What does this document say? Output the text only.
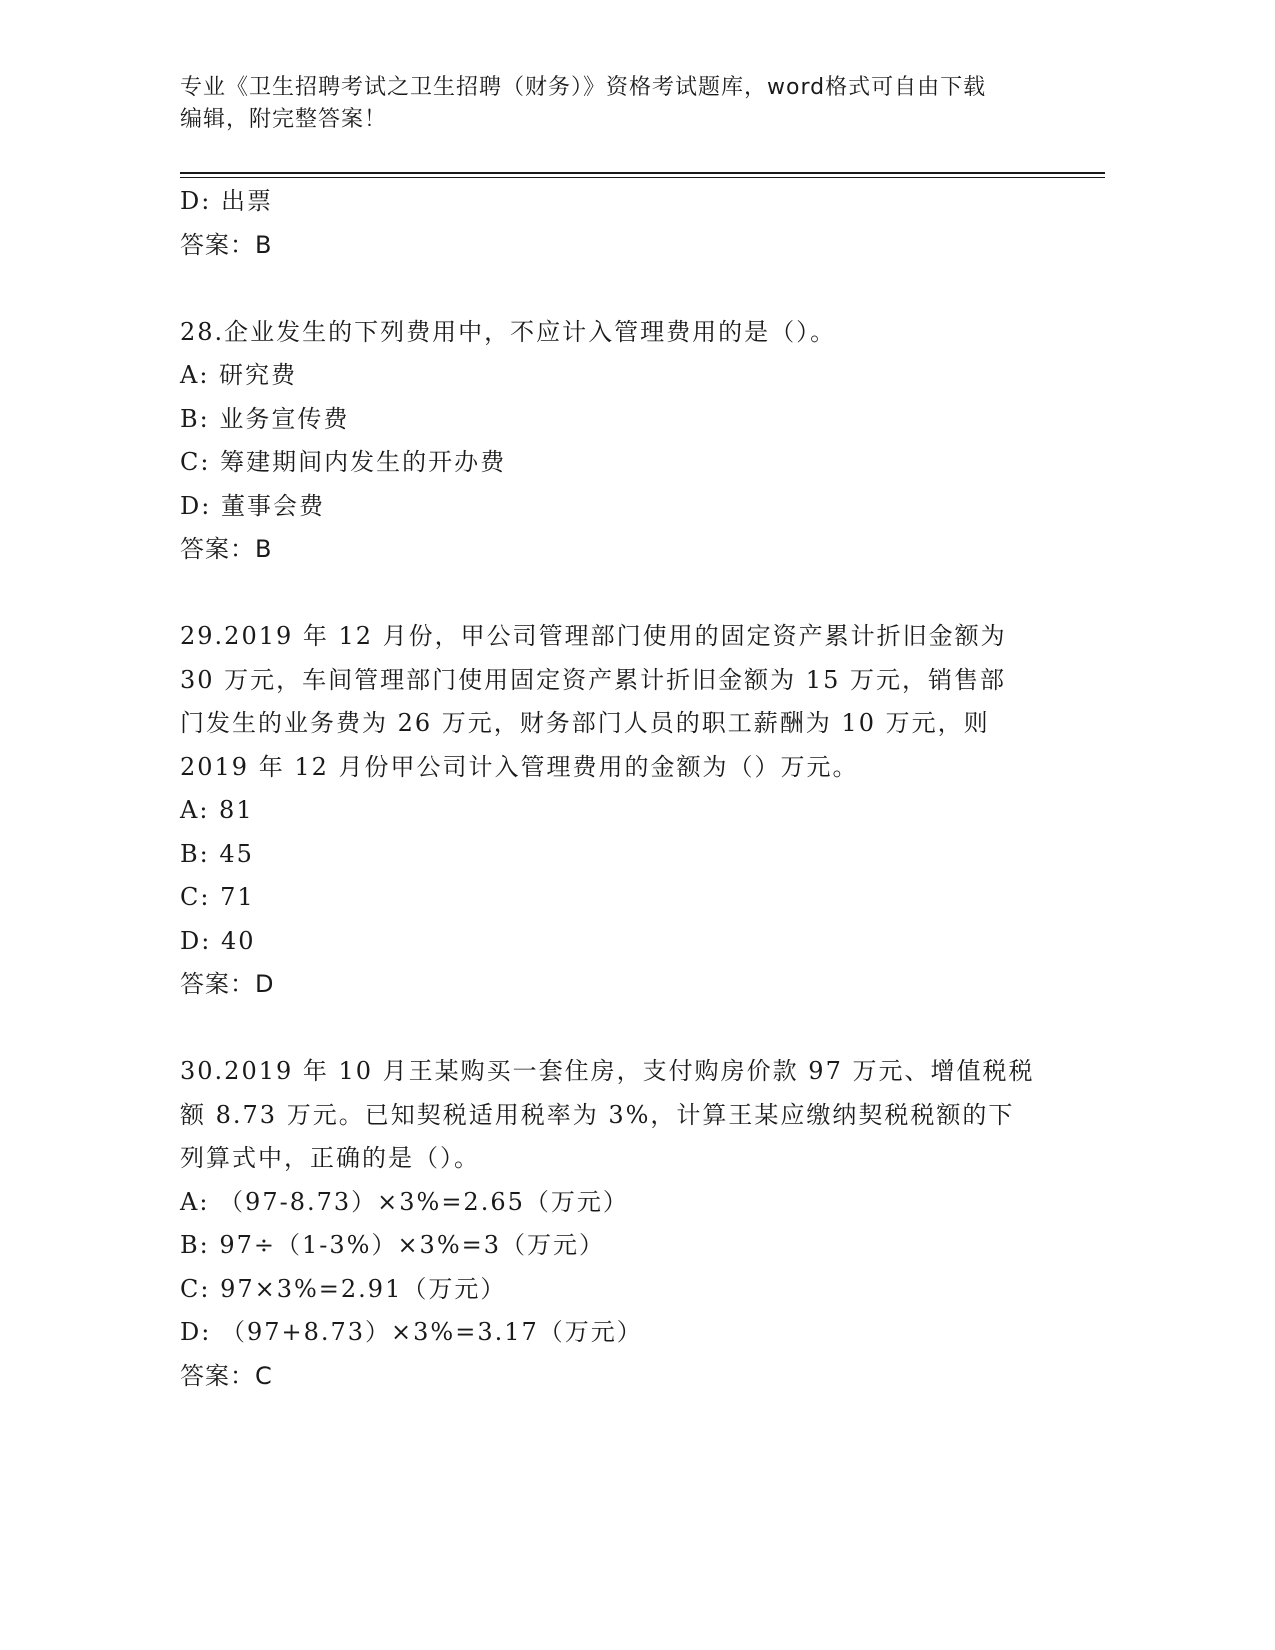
专业《卫生招聘考试之卫生招聘（财务）》资格考试题库，word格式可自由下载
编辑，附完整答案！
D: 出票
答案：B
28.企业发生的下列费用中，不应计入管理费用的是（）。
A: 研究费
B: 业务宣传费
C: 筹建期间内发生的开办费
D: 董事会费
答案：B
29.2019 年 12 月份，甲公司管理部门使用的固定资产累计折旧金额为
30 万元，车间管理部门使用固定资产累计折旧金额为 15 万元，销售部
门发生的业务费为 26 万元，财务部门人员的职工薪酬为 10 万元，则
2019 年 12 月份甲公司计入管理费用的金额为（）万元。
A: 81
B: 45
C: 71
D: 40
答案：D
30.2019 年 10 月王某购买一套住房，支付购房价款 97 万元、增值税税
额 8.73 万元。已知契税适用税率为 3%，计算王某应缴纳契税税额的下
列算式中，正确的是（）。
A: （97-8.73）×3%=2.65（万元）
B: 97÷（1-3%）×3%=3（万元）
C: 97×3%=2.91（万元）
D: （97+8.73）×3%=3.17（万元）
答案：C
